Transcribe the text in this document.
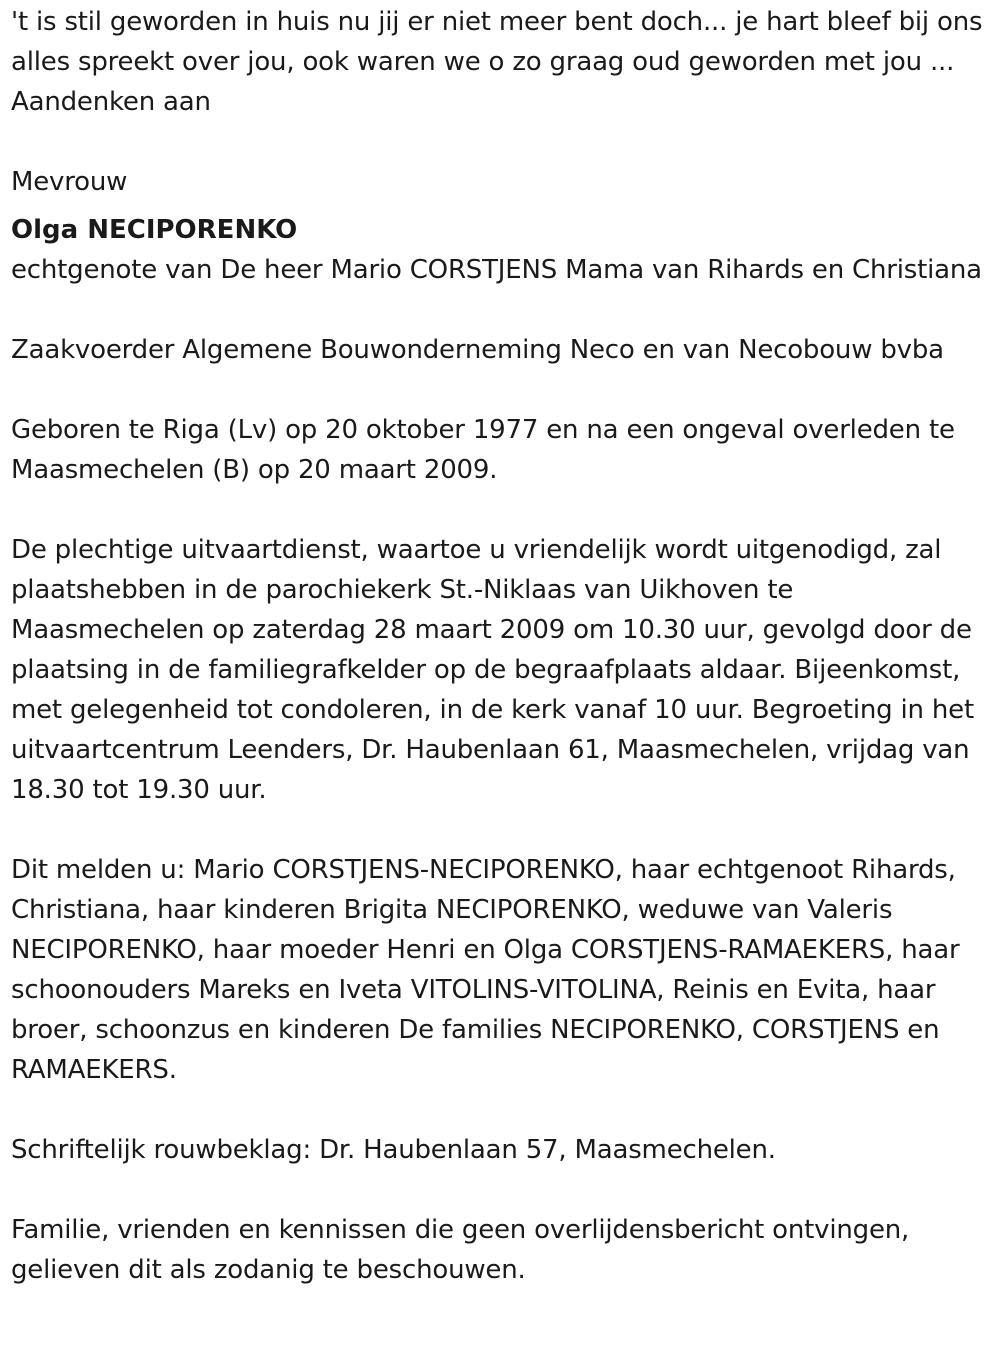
't is stil geworden in huis nu jij er niet meer bent doch... je hart bleef bij ons alles spreekt over jou, ook waren we o zo graag oud geworden met jou ... Aandenken aan

Mevrouw

Olga NECIPORENKO

echtgenote van De heer Mario CORSTJENS Mama van Rihards en Christiana

Zaakvoerder Algemene Bouwonderneming Neco en van Necobouw bvba

Geboren te Riga (Lv) op 20 oktober 1977 en na een ongeval overleden te Maasmechelen (B) op 20 maart 2009.

De plechtige uitvaartdienst, waartoe u vriendelijk wordt uitgenodigd, zal plaatshebben in de parochiekerk St.-Niklaas van Uikhoven te Maasmechelen op zaterdag 28 maart 2009 om 10.30 uur, gevolgd door de plaatsing in de familiegrafkelder op de begraafplaats aldaar. Bijeenkomst, met gelegenheid tot condoleren, in de kerk vanaf 10 uur. Begroeting in het uitvaartcentrum Leenders, Dr. Haubenlaan 61, Maasmechelen, vrijdag van 18.30 tot 19.30 uur.

Dit melden u: Mario CORSTJENS-NECIPORENKO, haar echtgenoot Rihards, Christiana, haar kinderen Brigita NECIPORENKO, weduwe van Valeris NECIPORENKO, haar moeder Henri en Olga CORSTJENS-RAMAEKERS, haar schoonouders Mareks en Iveta VITOLINS-VITOLINA, Reinis en Evita, haar broer, schoonzus en kinderen De families NECIPORENKO, CORSTJENS en RAMAEKERS.

Schriftelijk rouwbeklag: Dr. Haubenlaan 57, Maasmechelen.

Familie, vrienden en kennissen die geen overlijdensbericht ontvingen, gelieven dit als zodanig te beschouwen.
